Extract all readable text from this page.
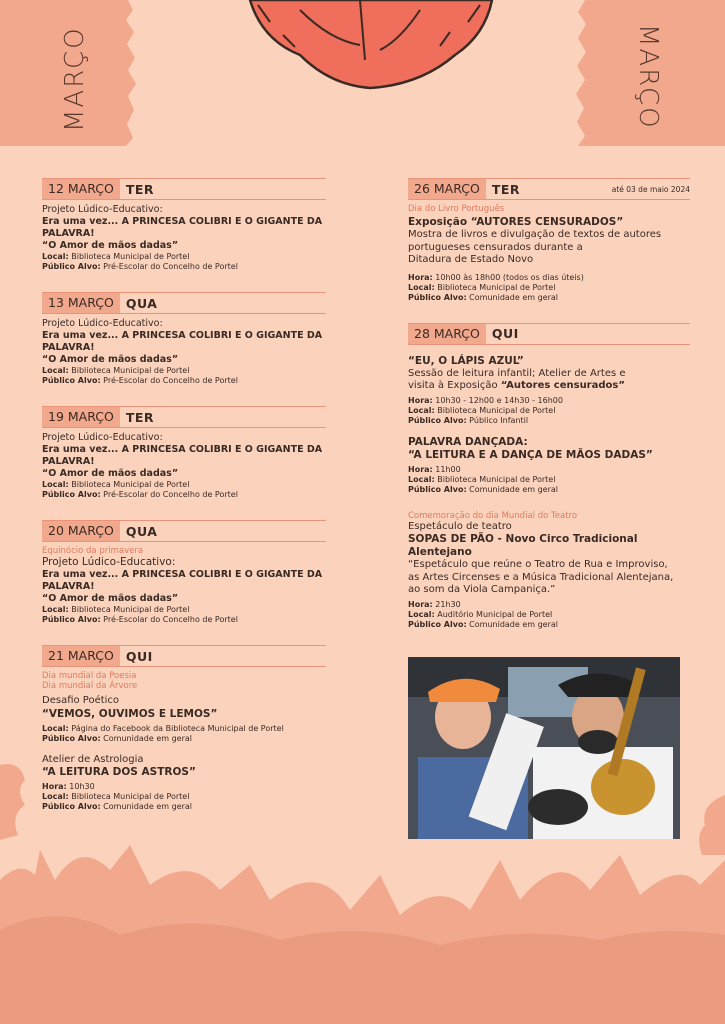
MARÇO	MARÇO
12 MARÇO TER
Projeto Lúdico-Educativo:
Era uma vez... A PRINCESA COLIBRI E O GIGANTE DA PALAVRA!
“O Amor de mãos dadas”
Local: Biblioteca Municipal de Portel
Público Alvo: Pré-Escolar do Concelho de Portel
13 MARÇO QUA
Projeto Lúdico-Educativo:
Era uma vez... A PRINCESA COLIBRI E O GIGANTE DA PALAVRA!
“O Amor de mãos dadas”
Local: Biblioteca Municipal de Portel
Público Alvo: Pré-Escolar do Concelho de Portel
19 MARÇO TER
Projeto Lúdico-Educativo:
Era uma vez... A PRINCESA COLIBRI E O GIGANTE DA PALAVRA!
“O Amor de mãos dadas”
Local: Biblioteca Municipal de Portel
Público Alvo: Pré-Escolar do Concelho de Portel
20 MARÇO QUA
Equinócio da primavera
Projeto Lúdico-Educativo:
Era uma vez... A PRINCESA COLIBRI E O GIGANTE DA PALAVRA!
“O Amor de mãos dadas”
Local: Biblioteca Municipal de Portel
Público Alvo: Pré-Escolar do Concelho de Portel
21 MARÇO QUI
Dia mundial da Poesia
Dia mundial da Árvore
Desafio Poético
“VEMOS, OUVIMOS E LEMOS”
Local: Página do Facebook da Biblioteca Municipal de Portel
Público Alvo: Comunidade em geral
Atelier de Astrologia
“A LEITURA DOS ASTROS”
Hora: 10h30
Local: Biblioteca Municipal de Portel
Público Alvo: Comunidade em geral
26 MARÇO TER	até 03 de maio 2024
Dia do Livro Português
Exposição “AUTORES CENSURADOS”
Mostra de livros e divulgação de textos de autores
portugueses censurados durante a
Ditadura de Estado Novo
Hora: 10h00 às 18h00 (todos os dias úteis)
Local: Biblioteca Municipal de Portel
Público Alvo: Comunidade em geral
28 MARÇO QUI
“EU, O LÁPIS AZUL”
Sessão de leitura infantil; Atelier de Artes e
visita à Exposição “Autores censurados”
Hora: 10h30 - 12h00 e 14h30 - 16h00
Local: Biblioteca Municipal de Portel
Público Alvo: Público Infantil
PALAVRA DANÇADA:
“A LEITURA E A DANÇA DE MÃOS DADAS”
Hora: 11h00
Local: Biblioteca Municipal de Portel
Público Alvo: Comunidade em geral
Comemoração do dia Mundial do Teatro
Espetáculo de teatro
SOPAS DE PÃO - Novo Circo Tradicional Alentejano
“Espetáculo que reúne o Teatro de Rua e Improviso,
as Artes Circenses e a Música Tradicional Alentejana,
ao som da Viola Campaniça.”
Hora: 21h30
Local: Auditório Municipal de Portel
Público Alvo: Comunidade em geral
